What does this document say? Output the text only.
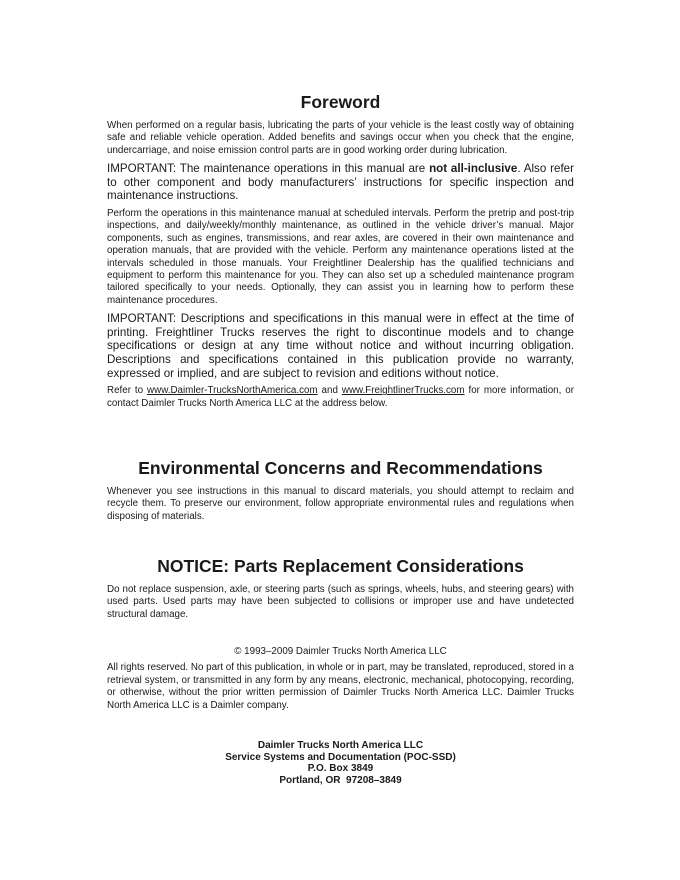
Foreword

When performed on a regular basis, lubricating the parts of your vehicle is the least costly way of obtaining safe and reliable vehicle operation. Added benefits and savings occur when you check that the engine, undercarriage, and noise emission control parts are in good working order during lubrication.

IMPORTANT: The maintenance operations in this manual are not all-inclusive. Also refer to other component and body manufacturers’ instructions for specific inspection and maintenance instructions.

Perform the operations in this maintenance manual at scheduled intervals. Perform the pretrip and post-trip inspections, and daily/weekly/monthly maintenance, as outlined in the vehicle driver’s manual. Major components, such as engines, transmissions, and rear axles, are covered in their own maintenance and operation manuals, that are provided with the vehicle. Perform any maintenance operations listed at the intervals scheduled in those manuals. Your Freightliner Dealership has the qualified technicians and equipment to perform this maintenance for you. They can also set up a scheduled maintenance program tailored specifically to your needs. Optionally, they can assist you in learning how to perform these maintenance procedures.

IMPORTANT: Descriptions and specifications in this manual were in effect at the time of printing. Freightliner Trucks reserves the right to discontinue models and to change specifications or design at any time without notice and without incurring obligation. Descriptions and specifications contained in this publication provide no warranty, expressed or implied, and are subject to revision and editions without notice.

Refer to www.Daimler-TrucksNorthAmerica.com and www.FreightlinerTrucks.com for more information, or contact Daimler Trucks North America LLC at the address below.

Environmental Concerns and Recommendations

Whenever you see instructions in this manual to discard materials, you should attempt to reclaim and recycle them. To preserve our environment, follow appropriate environmental rules and regulations when disposing of materials.

NOTICE: Parts Replacement Considerations

Do not replace suspension, axle, or steering parts (such as springs, wheels, hubs, and steering gears) with used parts. Used parts may have been subjected to collisions or improper use and have undetected structural damage.

© 1993–2009 Daimler Trucks North America LLC

All rights reserved. No part of this publication, in whole or in part, may be translated, reproduced, stored in a retrieval system, or transmitted in any form by any means, electronic, mechanical, photocopying, recording, or otherwise, without the prior written permission of Daimler Trucks North America LLC. Daimler Trucks North America LLC is a Daimler company.

Daimler Trucks North America LLC
Service Systems and Documentation (POC-SSD)
P.O. Box 3849
Portland, OR  97208–3849
